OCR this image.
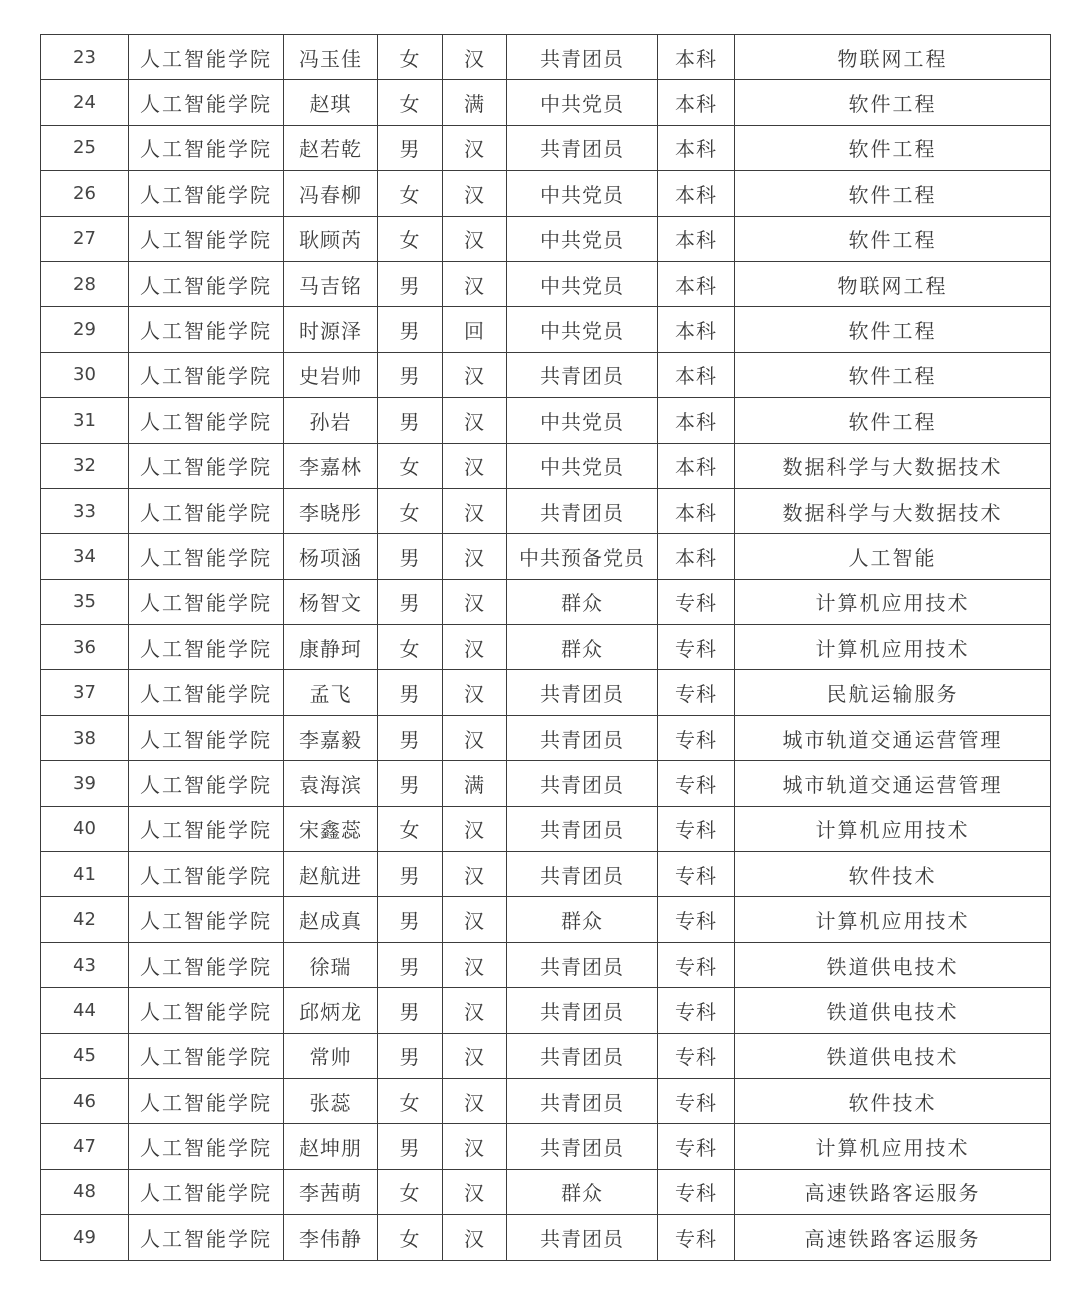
23	人工智能学院	冯玉佳	女	汉	共青团员	本科	物联网工程
24	人工智能学院	赵琪	女	满	中共党员	本科	软件工程
25	人工智能学院	赵若乾	男	汉	共青团员	本科	软件工程
26	人工智能学院	冯春柳	女	汉	中共党员	本科	软件工程
27	人工智能学院	耿顾芮	女	汉	中共党员	本科	软件工程
28	人工智能学院	马吉铭	男	汉	中共党员	本科	物联网工程
29	人工智能学院	时源泽	男	回	中共党员	本科	软件工程
30	人工智能学院	史岩帅	男	汉	共青团员	本科	软件工程
31	人工智能学院	孙岩	男	汉	中共党员	本科	软件工程
32	人工智能学院	李嘉林	女	汉	中共党员	本科	数据科学与大数据技术
33	人工智能学院	李晓彤	女	汉	共青团员	本科	数据科学与大数据技术
34	人工智能学院	杨项涵	男	汉	中共预备党员	本科	人工智能
35	人工智能学院	杨智文	男	汉	群众	专科	计算机应用技术
36	人工智能学院	康静珂	女	汉	群众	专科	计算机应用技术
37	人工智能学院	孟飞	男	汉	共青团员	专科	民航运输服务
38	人工智能学院	李嘉毅	男	汉	共青团员	专科	城市轨道交通运营管理
39	人工智能学院	袁海滨	男	满	共青团员	专科	城市轨道交通运营管理
40	人工智能学院	宋鑫蕊	女	汉	共青团员	专科	计算机应用技术
41	人工智能学院	赵航进	男	汉	共青团员	专科	软件技术
42	人工智能学院	赵成真	男	汉	群众	专科	计算机应用技术
43	人工智能学院	徐瑞	男	汉	共青团员	专科	铁道供电技术
44	人工智能学院	邱炳龙	男	汉	共青团员	专科	铁道供电技术
45	人工智能学院	常帅	男	汉	共青团员	专科	铁道供电技术
46	人工智能学院	张蕊	女	汉	共青团员	专科	软件技术
47	人工智能学院	赵坤朋	男	汉	共青团员	专科	计算机应用技术
48	人工智能学院	李茜萌	女	汉	群众	专科	高速铁路客运服务
49	人工智能学院	李伟静	女	汉	共青团员	专科	高速铁路客运服务
